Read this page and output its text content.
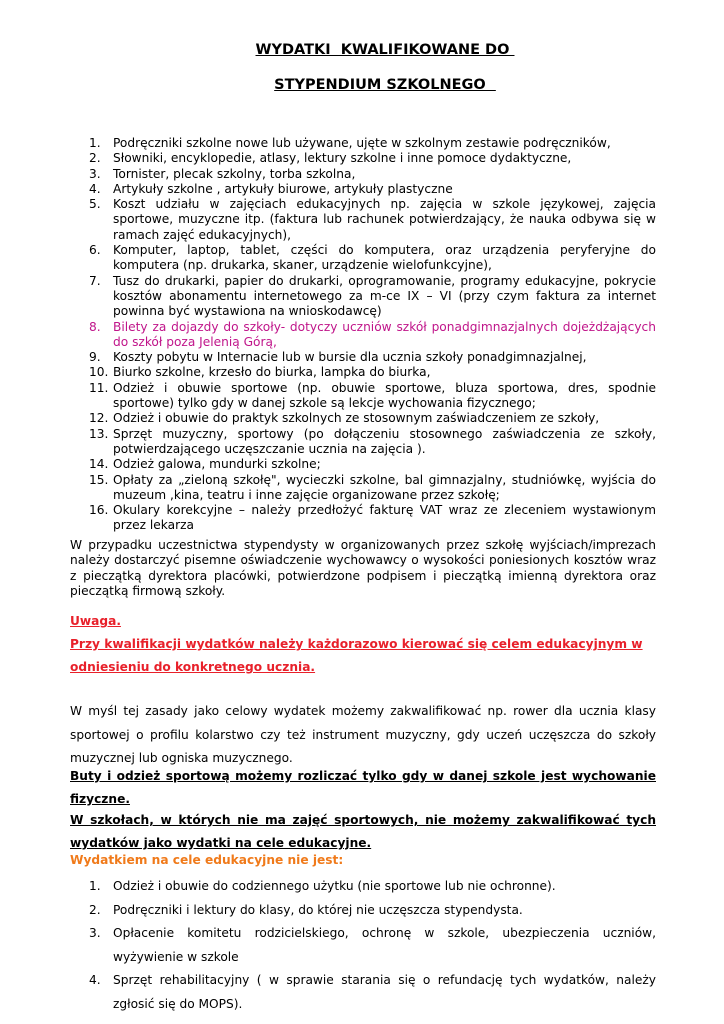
WYDATKI  KWALIFIKOWANE DO

STYPENDIUM SZKOLNEGO

1. Podręczniki szkolne nowe lub używane, ujęte w szkolnym zestawie podręczników,
2. Słowniki, encyklopedie, atlasy, lektury szkolne i inne pomoce dydaktyczne,
3. Tornister, plecak szkolny, torba szkolna,
4. Artykuły szkolne , artykuły biurowe, artykuły plastyczne
5. Koszt udziału w zajęciach edukacyjnych np. zajęcia w szkole językowej, zajęcia sportowe, muzyczne itp. (faktura lub rachunek potwierdzający, że nauka odbywa się w ramach zajęć edukacyjnych),
6. Komputer, laptop, tablet, części do komputera, oraz urządzenia peryferyjne do komputera (np. drukarka, skaner, urządzenie wielofunkcyjne),
7. Tusz do drukarki, papier do drukarki, oprogramowanie, programy edukacyjne, pokrycie kosztów abonamentu internetowego za m-ce IX – VI (przy czym faktura za internet powinna być wystawiona na wnioskodawcę)
8. Bilety za dojazdy do szkoły- dotyczy uczniów szkół ponadgimnazjalnych dojeżdżających do szkół poza Jelenią Górą,
9. Koszty pobytu w Internacie lub w bursie dla ucznia szkoły ponadgimnazjalnej,
10. Biurko szkolne, krzesło do biurka, lampka do biurka,
11. Odzież i obuwie sportowe (np. obuwie sportowe, bluza sportowa, dres, spodnie sportowe) tylko gdy w danej szkole są lekcje wychowania fizycznego;
12. Odzież i obuwie do praktyk szkolnych ze stosownym zaświadczeniem ze szkoły,
13. Sprzęt muzyczny, sportowy (po dołączeniu stosownego zaświadczenia ze szkoły, potwierdzającego uczęszczanie ucznia na zajęcia ).
14. Odzież galowa, mundurki szkolne;
15. Opłaty za „zieloną szkołę", wycieczki szkolne, bal gimnazjalny, studniówkę, wyjścia do muzeum ,kina, teatru i inne zajęcie organizowane przez szkołę;
16. Okulary korekcyjne – należy przedłożyć fakturę VAT wraz ze zleceniem wystawionym przez lekarza

W przypadku uczestnictwa stypendysty w organizowanych przez szkołę wyjściach/imprezach należy dostarczyć pisemne oświadczenie wychowawcy o wysokości poniesionych kosztów wraz z pieczątką dyrektora placówki, potwierdzone podpisem i pieczątką imienną dyrektora oraz pieczątką firmową szkoły.

Uwaga.

Przy kwalifikacji wydatków należy każdorazowo kierować się celem edukacyjnym w odniesieniu do konkretnego ucznia.

W myśl tej zasady jako celowy wydatek możemy zakwalifikować np. rower dla ucznia klasy sportowej o profilu kolarstwo czy też instrument muzyczny, gdy uczeń uczęszcza do szkoły muzycznej lub ogniska muzycznego.

Buty i odzież sportową możemy rozliczać tylko gdy w danej szkole jest wychowanie fizyczne.

W szkołach, w których nie ma zajęć sportowych, nie możemy zakwalifikować tych wydatków jako wydatki na cele edukacyjne.

Wydatkiem na cele edukacyjne nie jest:

1. Odzież i obuwie do codziennego użytku (nie sportowe lub nie ochronne).
2. Podręczniki i lektury do klasy, do której nie uczęszcza stypendysta.
3. Opłacenie komitetu rodzicielskiego, ochronę w szkole, ubezpieczenia uczniów, wyżywienie w szkole
4. Sprzęt rehabilitacyjny ( w sprawie starania się o refundację tych wydatków, należy zgłosić się do MOPS).
